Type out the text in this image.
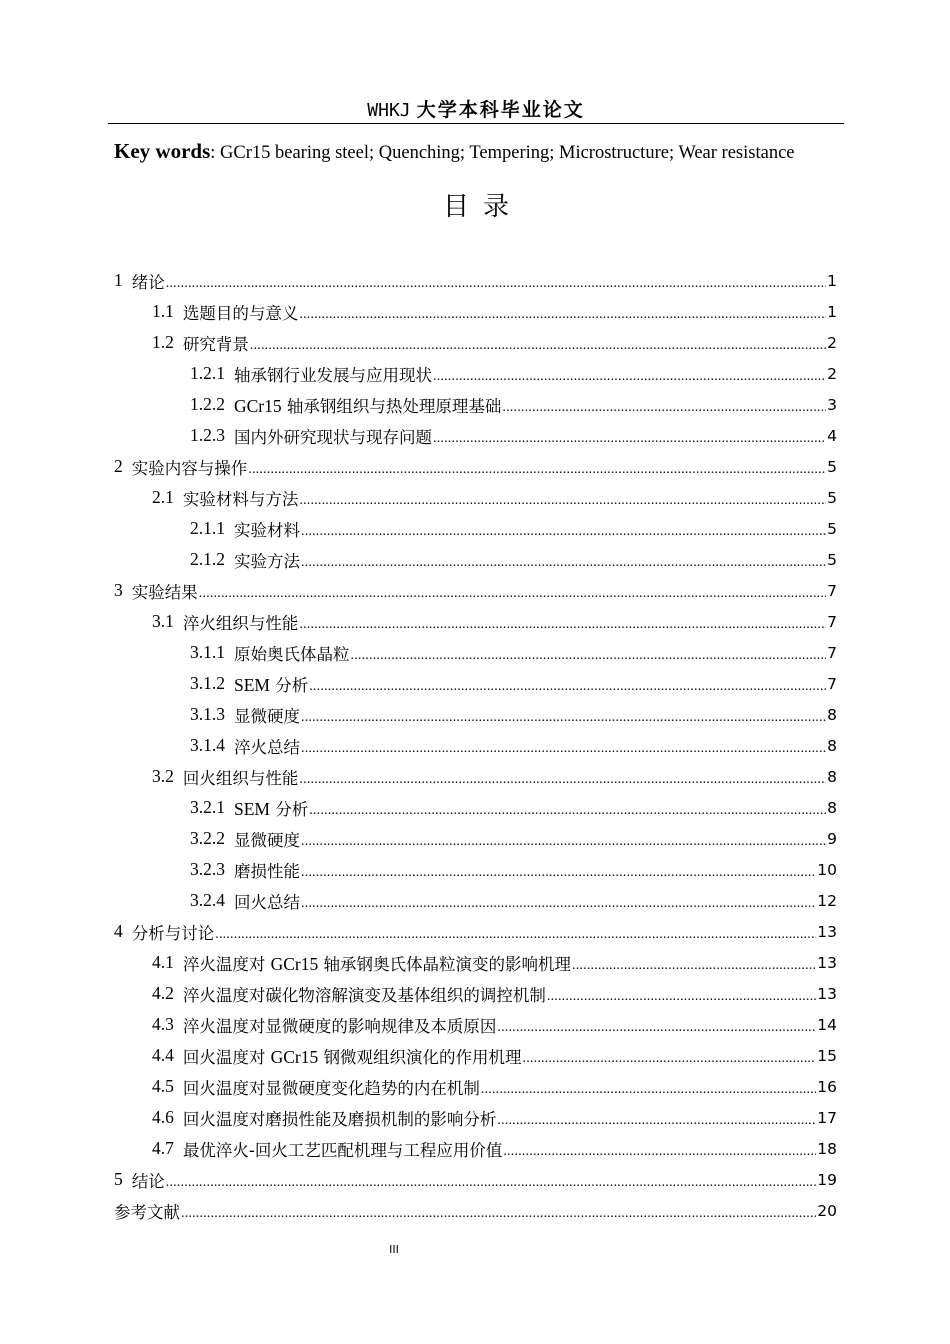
WHKJ 大学本科毕业论文
Key words: GCr15 bearing steel; Quenching; Tempering; Microstructure; Wear resistance
目录
1 绪论 .....	1
1.1 选题目的与意义 .....	1
1.2 研究背景 .....	2
1.2.1 轴承钢行业发展与应用现状 .....	2
1.2.2 GCr15 轴承钢组织与热处理原理基础 .....	3
1.2.3 国内外研究现状与现存问题 .....	4
2 实验内容与操作 .....	5
2.1 实验材料与方法 .....	5
2.1.1 实验材料 .....	5
2.1.2 实验方法 .....	5
3 实验结果 .....	7
3.1 淬火组织与性能 .....	7
3.1.1 原始奥氏体晶粒 .....	7
3.1.2 SEM 分析 .....	7
3.1.3 显微硬度 .....	8
3.1.4 淬火总结 .....	8
3.2 回火组织与性能 .....	8
3.2.1 SEM 分析 .....	8
3.2.2 显微硬度 .....	9
3.2.3 磨损性能 .....	10
3.2.4 回火总结 .....	12
4 分析与讨论 .....	13
4.1 淬火温度对 GCr15 轴承钢奥氏体晶粒演变的影响机理 .....	13
4.2 淬火温度对碳化物溶解演变及基体组织的调控机制 .....	13
4.3 淬火温度对显微硬度的影响规律及本质原因 .....	14
4.4 回火温度对 GCr15 钢微观组织演化的作用机理 .....	15
4.5 回火温度对显微硬度变化趋势的内在机制 .....	16
4.6 回火温度对磨损性能及磨损机制的影响分析 .....	17
4.7 最优淬火-回火工艺匹配机理与工程应用价值 .....	18
5 结论 .....	19
参考文献 .....	20
III
